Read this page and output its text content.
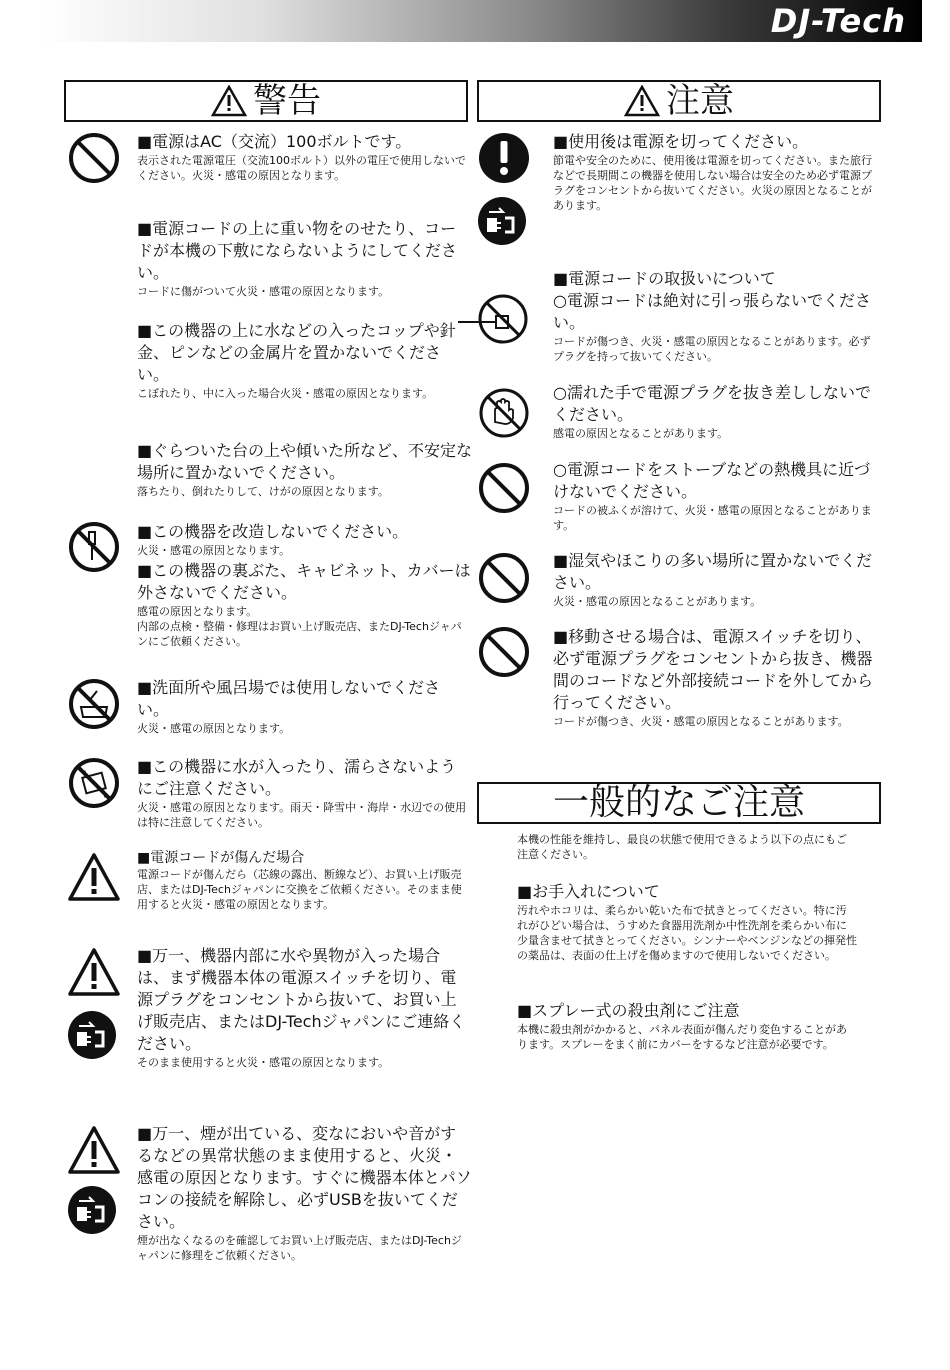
DJ-Tech
警告	注意
一般的なご注意
■電源はAC（交流）100ボルトです。
表示された電源電圧（交流100ボルト）以外の電圧で使用しないでください。火災・感電の原因となります。
■電源コードの上に重い物をのせたり、コードが本機の下敷にならないようにしてください。
コードに傷がついて火災・感電の原因となります。
■この機器の上に水などの入ったコップや針金、ピンなどの金属片を置かないでください。
こぼれたり、中に入った場合火災・感電の原因となります。
■ぐらついた台の上や傾いた所など、不安定な場所に置かないでください。
落ちたり、倒れたりして、けがの原因となります。
■この機器を改造しないでください。
火災・感電の原因となります。
■この機器の裏ぶた、キャビネット、カバーは外さないでください。
感電の原因となります。
内部の点検・整備・修理はお買い上げ販売店、またDJ-Techジャパンにご依頼ください。
■洗面所や風呂場では使用しないでください。
火災・感電の原因となります。
■この機器に水が入ったり、濡らさないようにご注意ください。
火災・感電の原因となります。雨天・降雪中・海岸・水辺での使用は特に注意してください。
■電源コードが傷んだ場合
電源コードが傷んだら（芯線の露出、断線など）、お買い上げ販売店、またはDJ-Techジャパンに交換をご依頼ください。そのまま使用すると火災・感電の原因となります。
■万一、機器内部に水や異物が入った場合は、まず機器本体の電源スイッチを切り、電源プラグをコンセントから抜いて、お買い上げ販売店、またはDJ-Techジャパンにご連絡ください。
そのまま使用すると火災・感電の原因となります。
■万一、煙が出ている、変なにおいや音がするなどの異常状態のまま使用すると、火災・感電の原因となります。すぐに機器本体とパソコンの接続を解除し、必ずUSBを抜いてください。
煙が出なくなるのを確認してお買い上げ販売店、またはDJ-Techジャパンに修理をご依頼ください。
■使用後は電源を切ってください。
節電や安全のために、使用後は電源を切ってください。また旅行などで長期間この機器を使用しない場合は安全のため必ず電源プラグをコンセントから抜いてください。火災の原因となることがあります。
■電源コードの取扱いについて
○電源コードは絶対に引っ張らないでください。
コードが傷つき、火災・感電の原因となることがあります。必ずプラグを持って抜いてください。
○濡れた手で電源プラグを抜き差ししないでください。
感電の原因となることがあります。
○電源コードをストーブなどの熱機具に近づけないでください。
コードの被ふくが溶けて、火災・感電の原因となることがあります。
■湿気やほこりの多い場所に置かないでください。
火災・感電の原因となることがあります。
■移動させる場合は、電源スイッチを切り、必ず電源プラグをコンセントから抜き、機器間のコードなど外部接続コードを外してから行ってください。
コードが傷つき、火災・感電の原因となることがあります。
本機の性能を維持し、最良の状態で使用できるよう以下の点にもご注意ください。
■お手入れについて
汚れやホコリは、柔らかい乾いた布で拭きとってください。特に汚れがひどい場合は、うすめた食器用洗剤か中性洗剤を柔らかい布に少量含ませて拭きとってください。シンナーやベンジンなどの揮発性の薬品は、表面の仕上げを傷めますので使用しないでください。
■スプレー式の殺虫剤にご注意
本機に殺虫剤がかかると、パネル表面が傷んだり変色することがあります。スプレーをまく前にカバーをするなど注意が必要です。
